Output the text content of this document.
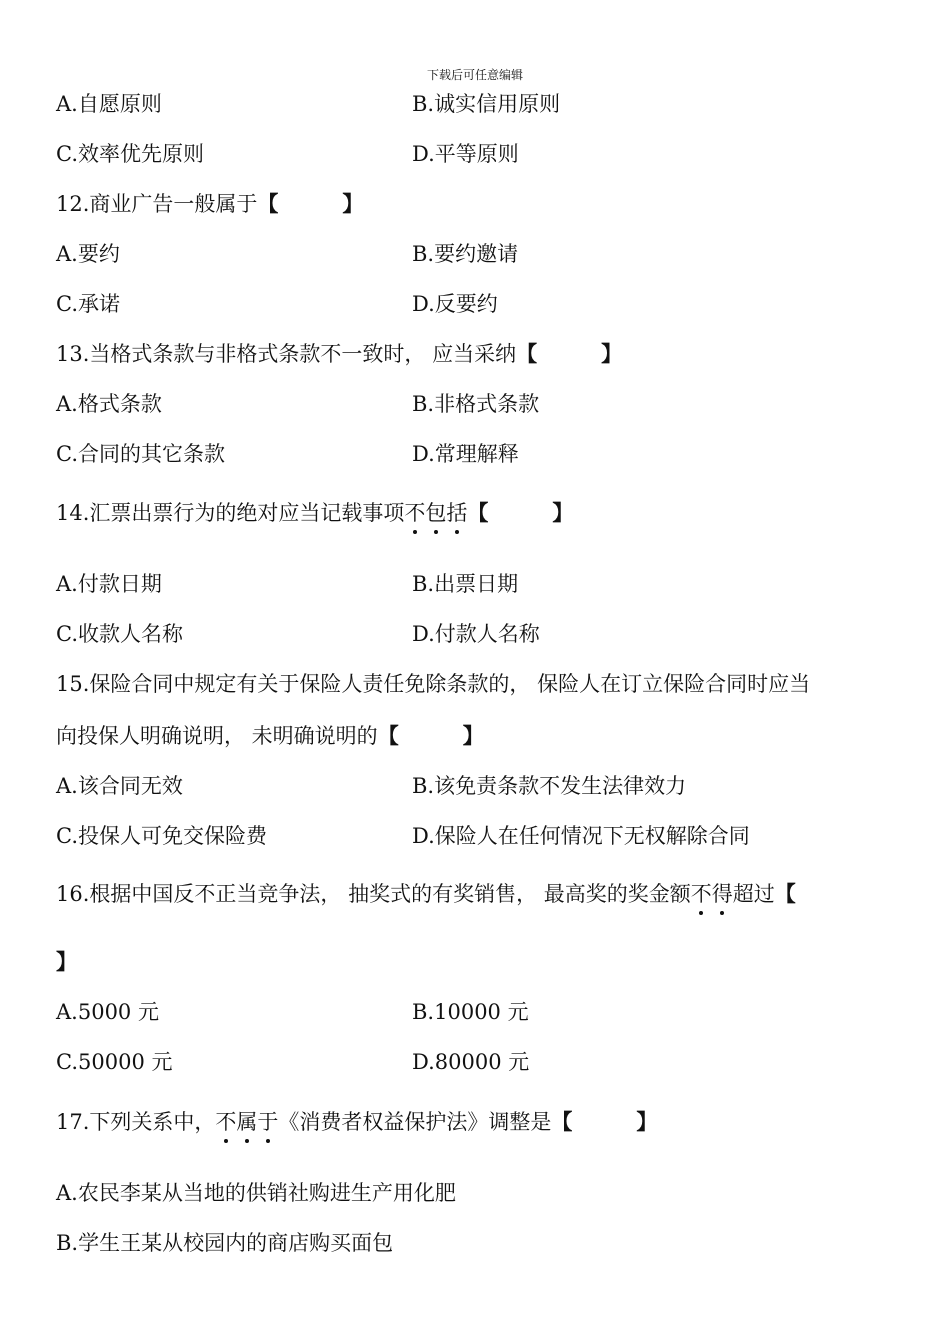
下载后可任意编辑
A.自愿原则	B.诚实信用原则
C.效率优先原则	D.平等原则
12.商业广告一般属于【	】
A.要约	B.要约邀请
C.承诺	D.反要约
13.当格式条款与非格式条款不一致时， 应当采纳【	】
A.格式条款	B.非格式条款
C.合同的其它条款	D.常理解释
14.汇票出票行为的绝对应当记载事项不包括【	】
A.付款日期	B.出票日期
C.收款人名称	D.付款人名称
15.保险合同中规定有关于保险人责任免除条款的， 保险人在订立保险合同时应当
向投保人明确说明， 未明确说明的【	】
A.该合同无效	B.该免责条款不发生法律效力
C.投保人可免交保险费	D.保险人在任何情况下无权解除合同
16.根据中国反不正当竞争法， 抽奖式的有奖销售， 最高奖的奖金额不得超过【
】
A.5000 元	B.10000 元
C.50000 元	D.80000 元
17.下列关系中，不属于《消费者权益保护法》调整是【	】
A.农民李某从当地的供销社购进生产用化肥
B.学生王某从校园内的商店购买面包
